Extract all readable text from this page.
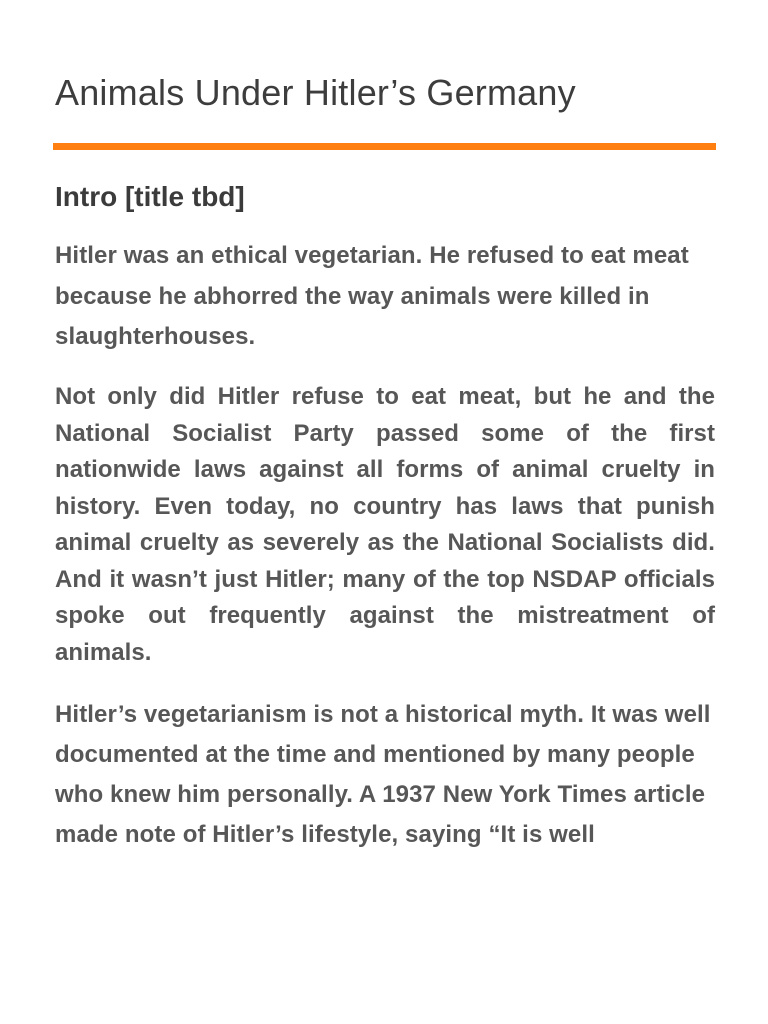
Animals Under Hitler’s Germany
Intro [title tbd]

Hitler was an ethical vegetarian. He refused to eat meat because he abhorred the way animals were killed in slaughterhouses.

Not only did Hitler refuse to eat meat, but he and the National Socialist Party passed some of the first nationwide laws against all forms of animal cruelty in history. Even today, no country has laws that punish animal cruelty as severely as the National Socialists did. And it wasn’t just Hitler; many of the top NSDAP officials spoke out frequently against the mistreatment of animals.

Hitler’s vegetarianism is not a historical myth. It was well documented at the time and mentioned by many people who knew him personally. A 1937 New York Times article made note of Hitler’s lifestyle, saying “It is well
